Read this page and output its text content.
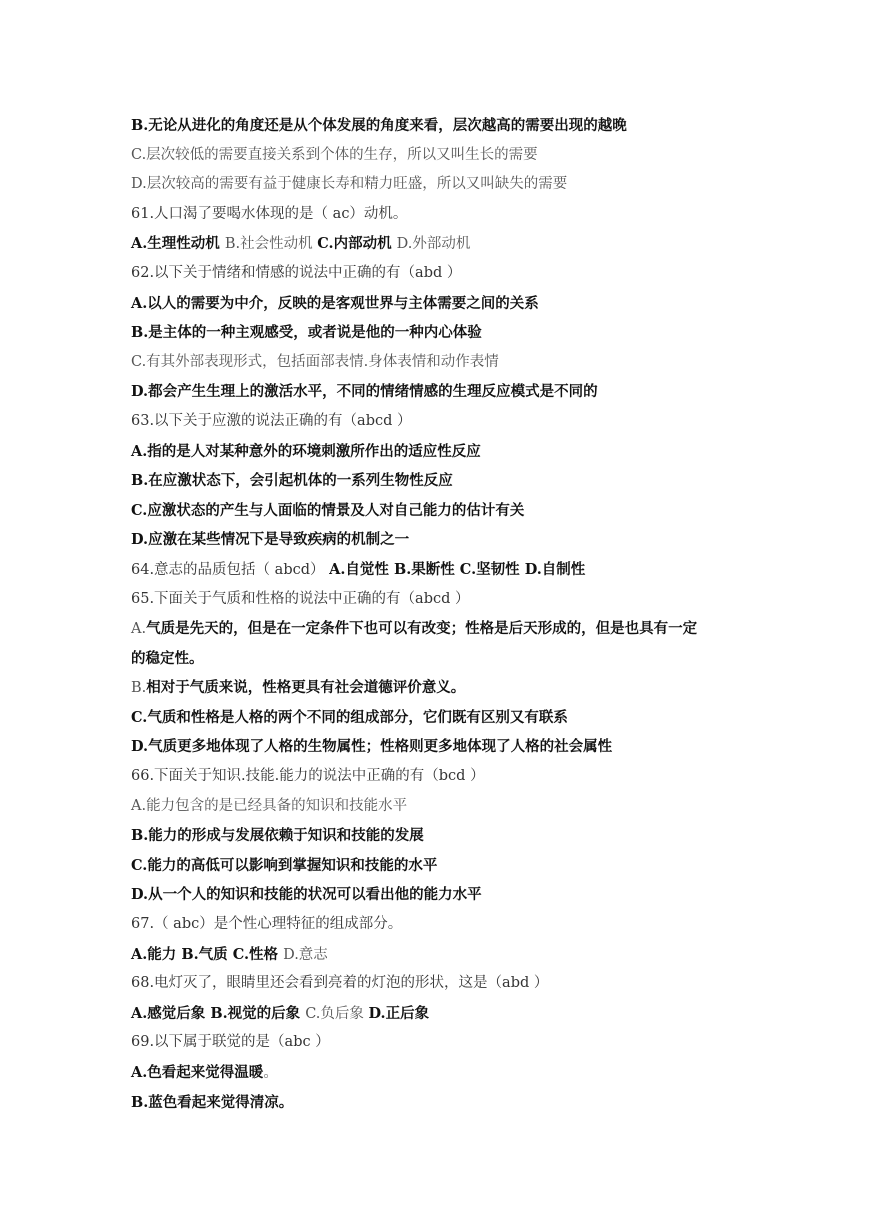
B.无论从进化的角度还是从个体发展的角度来看，层次越高的需要出现的越晚
C.层次较低的需要直接关系到个体的生存，所以又叫生长的需要
D.层次较高的需要有益于健康长寿和精力旺盛，所以又叫缺失的需要
61.人口渴了要喝水体现的是（ ac）动机。
A.生理性动机 B.社会性动机 C.内部动机 D.外部动机
62.以下关于情绪和情感的说法中正确的有（abd ）
A.以人的需要为中介，反映的是客观世界与主体需要之间的关系
B.是主体的一种主观感受，或者说是他的一种内心体验
C.有其外部表现形式，包括面部表情.身体表情和动作表情
D.都会产生生理上的激活水平，不同的情绪情感的生理反应模式是不同的
63.以下关于应激的说法正确的有（abcd ）
A.指的是人对某种意外的环境刺激所作出的适应性反应
B.在应激状态下，会引起机体的一系列生物性反应
C.应激状态的产生与人面临的情景及人对自己能力的估计有关
D.应激在某些情况下是导致疾病的机制之一
64.意志的品质包括（ abcd） A.自觉性 B.果断性 C.坚韧性 D.自制性
65.下面关于气质和性格的说法中正确的有（abcd ）
A.气质是先天的，但是在一定条件下也可以有改变；性格是后天形成的，但是也具有一定
的稳定性。
B.相对于气质来说，性格更具有社会道德评价意义。
C.气质和性格是人格的两个不同的组成部分，它们既有区别又有联系
D.气质更多地体现了人格的生物属性；性格则更多地体现了人格的社会属性
66.下面关于知识.技能.能力的说法中正确的有（bcd ）
A.能力包含的是已经具备的知识和技能水平
B.能力的形成与发展依赖于知识和技能的发展
C.能力的高低可以影响到掌握知识和技能的水平
D.从一个人的知识和技能的状况可以看出他的能力水平
67.（ abc）是个性心理特征的组成部分。
A.能力 B.气质 C.性格 D.意志
68.电灯灭了，眼睛里还会看到亮着的灯泡的形状，这是（abd ）
A.感觉后象 B.视觉的后象 C.负后象 D.正后象
69.以下属于联觉的是（abc ）
A.色看起来觉得温暖。
B.蓝色看起来觉得清凉。
